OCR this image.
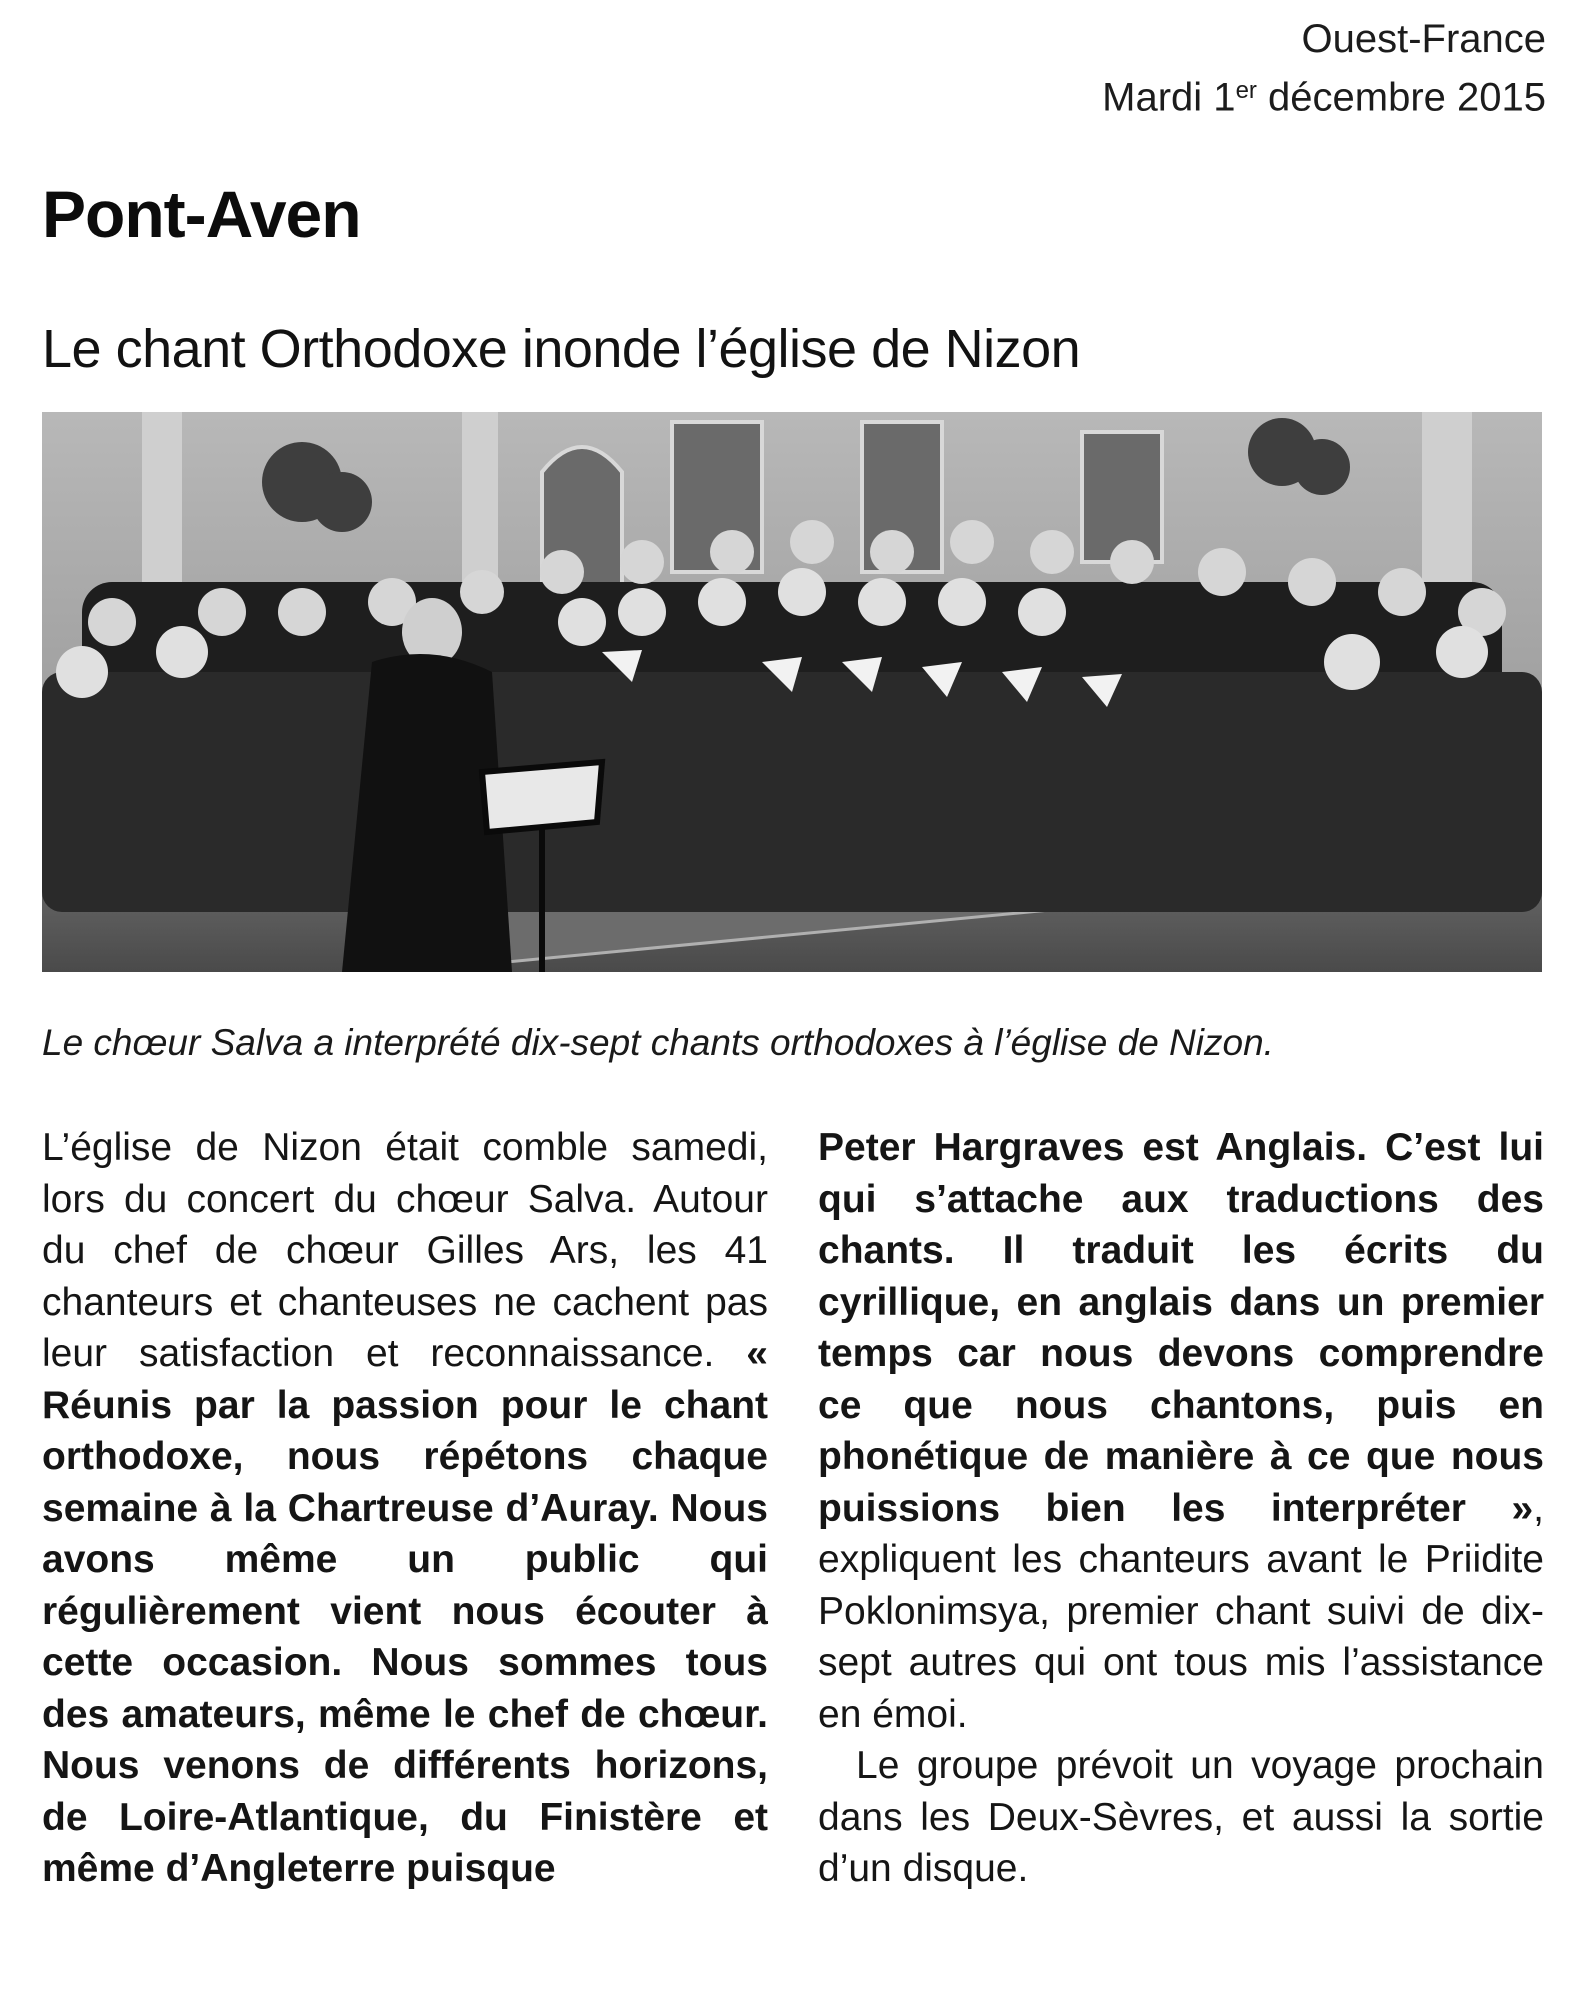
Ouest-France
Mardi 1er décembre 2015
Pont-Aven
Le chant Orthodoxe inonde l’église de Nizon
Le chœur Salva a interprété dix-sept chants orthodoxes à l’église de Nizon.

L’église de Nizon était comble samedi, lors du concert du chœur Salva. Autour du chef de chœur Gilles Ars, les 41 chanteurs et chanteuses ne cachent pas leur satisfaction et reconnaissance. « Réunis par la passion pour le chant orthodoxe, nous répétons chaque semaine à la Chartreuse d’Auray. Nous avons même un public qui régulièrement vient nous écouter à cette occasion. Nous sommes tous des amateurs, même le chef de chœur. Nous venons de différents horizons, de Loire-Atlantique, du Finistère et même d’Angleterre puisque

Peter Hargraves est Anglais. C’est lui qui s’attache aux traductions des chants. Il traduit les écrits du cyrillique, en anglais dans un premier temps car nous devons comprendre ce que nous chantons, puis en phonétique de manière à ce que nous puissions bien les interpréter », expliquent les chanteurs avant le Priidite Poklonimsya, premier chant suivi de dix-sept autres qui ont tous mis l’assistance en émoi.

Le groupe prévoit un voyage prochain dans les Deux-Sèvres, et aussi la sortie d’un disque.
